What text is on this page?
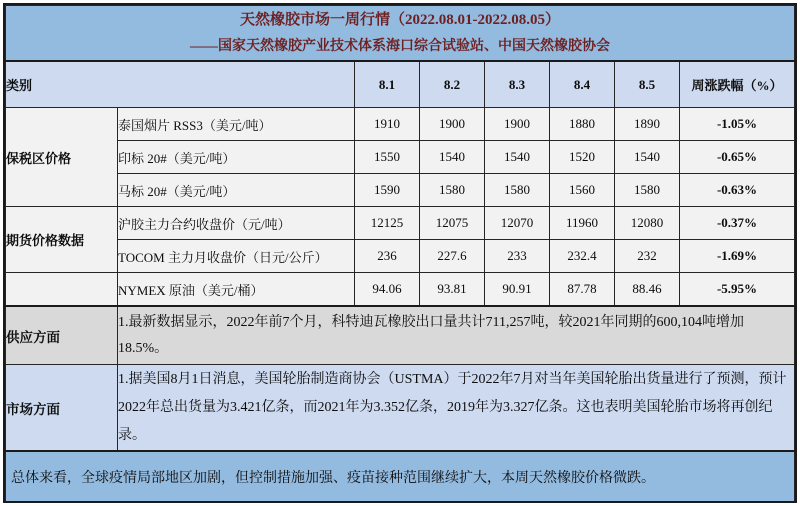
天然橡胶市场一周行情（2022.08.01-2022.08.05）
——国家天然橡胶产业技术体系海口综合试验站、中国天然橡胶协会							

类别		8.1	8.2	8.3	8.4	8.5	周涨跌幅（%）
保税区价格	泰国烟片 RSS3（美元/吨）	1910	1900	1900	1880	1890	-1.05%
	印标 20#（美元/吨）	1550	1540	1540	1520	1540	-0.65%
	马标 20#（美元/吨）	1590	1580	1580	1560	1580	-0.63%
期货价格数据	沪胶主力合约收盘价（元/吨）	12125	12075	12070	11960	12080	-0.37%
	TOCOM 主力月收盘价（日元/公斤）	236	227.6	233	232.4	232	-1.69%
	NYMEX 原油（美元/桶）	94.06	93.81	90.91	87.78	88.46	-5.95%
供应方面	1.最新数据显示，2022年前7个月，科特迪瓦橡胶出口量共计711,257吨，较2021年同期的600,104吨增加18.5%。						
市场方面	1.据美国8月1日消息，美国轮胎制造商协会（USTMA）于2022年7月对当年美国轮胎出货量进行了预测，预计2022年总出货量为3.421亿条，而2021年为3.352亿条，2019年为3.327亿条。这也表明美国轮胎市场将再创纪录。						
总体来看，全球疫情局部地区加剧，但控制措施加强、疫苗接种范围继续扩大，本周天然橡胶价格微跌。							
